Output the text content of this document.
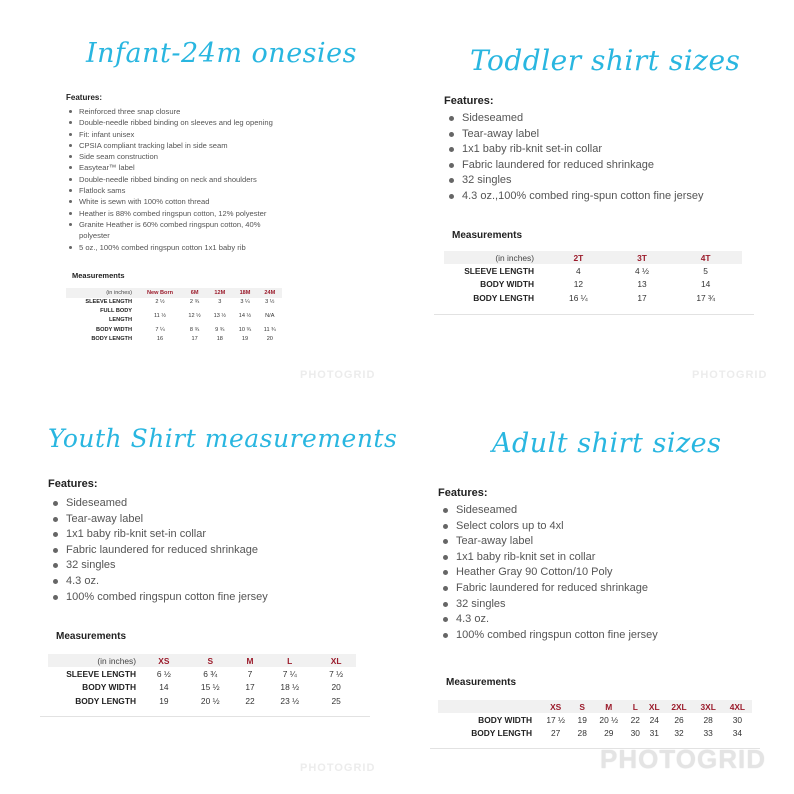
Infant-24m onesies
Features:
Reinforced three snap closure
Double-needle ribbed binding on sleeves and leg opening
Fit: infant unisex
CPSIA compliant tracking label in side seam
Side seam construction
Easytear™ label
Double-needle ribbed binding on neck and shoulders
Flatlock sams
White is sewn with 100% cotton thread
Heather is 88% combed ringspun cotton, 12% polyester
Granite Heather is 60% combed ringspun cotton, 40%
polyester
5 oz., 100% combed ringspun cotton 1x1 baby rib
Measurements
(in inches)	New Born	6M	12M	18M	24M
SLEEVE LENGTH	2 ½	2 ¾	3	3 ¼	3 ½

FULL BODY
LENGTH	11 ½	12 ½	13 ½	14 ½	N/A
BODY WIDTH	7 ¼	8 ¾	9 ¾	10 ¾	11 ¾
BODY LENGTH	16	17	18	19	20
PHOTOGRID
Toddler shirt sizes
Features:
Sideseamed
Tear-away label
1x1 baby rib-knit set-in collar
Fabric laundered for reduced shrinkage
32 singles
4.3 oz.,100% combed ring-spun cotton fine jersey
Measurements
(in inches)	2T	3T	4T
SLEEVE LENGTH	4	4 ½	5
BODY WIDTH	12	13	14
BODY LENGTH	16 ¼	17	17 ¾
PHOTOGRID
Youth Shirt measurements
Features:
Sideseamed
Tear-away label
1x1 baby rib-knit set-in collar
Fabric laundered for reduced shrinkage
32 singles
4.3 oz.
100% combed ringspun cotton fine jersey
Measurements
(in inches)	XS	S	M	L	XL
SLEEVE LENGTH	6 ½	6 ¾	7	7 ¼	7 ½
BODY WIDTH	14	15 ½	17	18 ½	20
BODY LENGTH	19	20 ½	22	23 ½	25
PHOTOGRID
Adult shirt sizes
Features:
Sideseamed
Select colors up to 4xl
Tear-away label
1x1 baby rib-knit set in collar
Heather Gray 90 Cotton/10 Poly
Fabric laundered for reduced shrinkage
32 singles
4.3 oz.
100% combed ringspun cotton fine jersey
Measurements
	XS	S	M	L	XL	2XL	3XL	4XL
BODY WIDTH	17 ½	19	20 ½	22	24	26	28	30
BODY LENGTH	27	28	29	30	31	32	33	34
PHOTOGRID
